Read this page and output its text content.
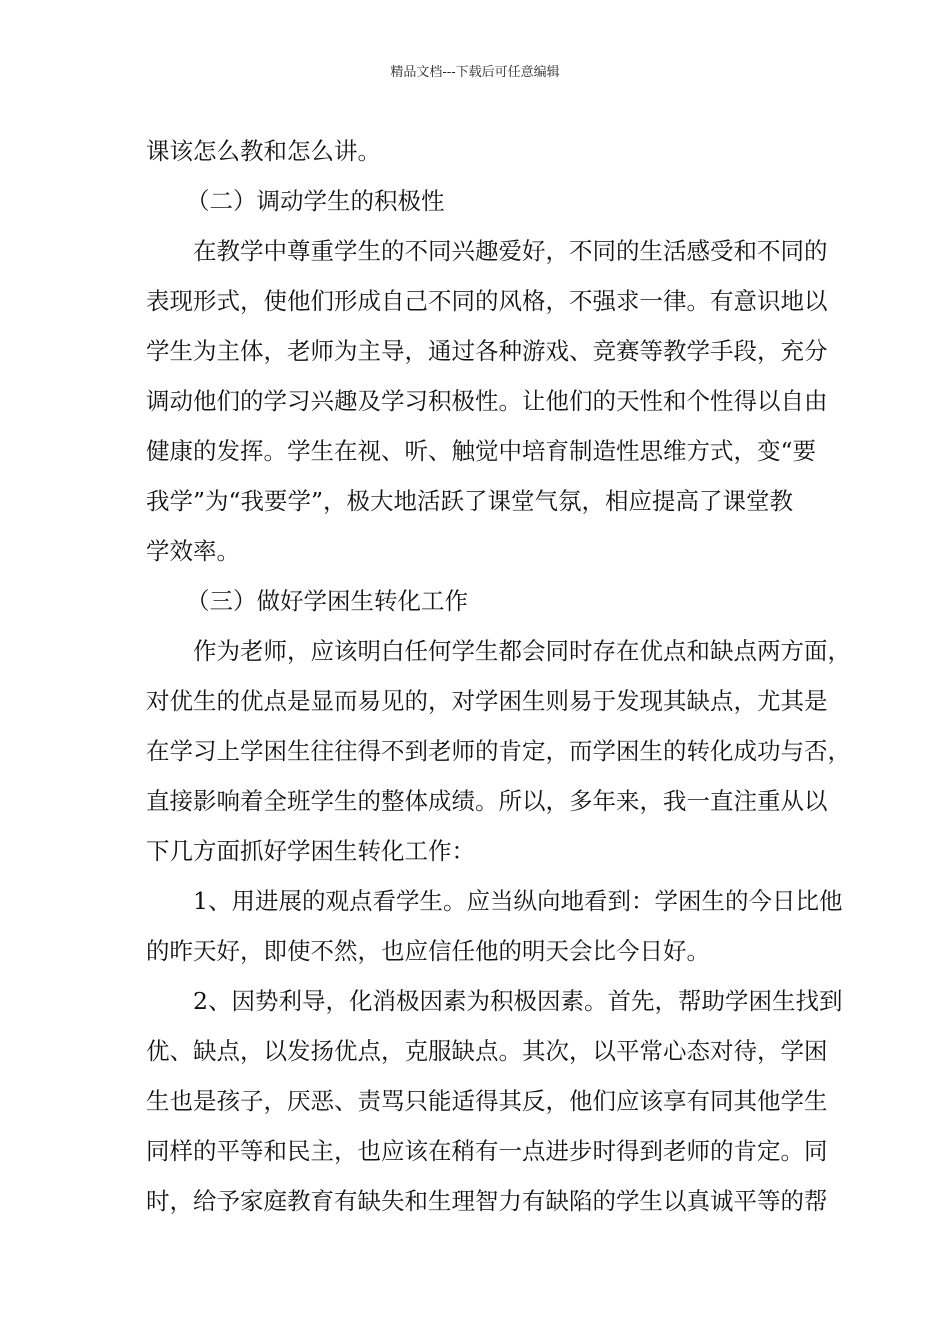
精品文档---下载后可任意编辑
课该怎么教和怎么讲。
（二）调动学生的积极性
在教学中尊重学生的不同兴趣爱好，不同的生活感受和不同的
表现形式，使他们形成自己不同的风格，不强求一律。有意识地以
学生为主体，老师为主导，通过各种游戏、竞赛等教学手段，充分
调动他们的学习兴趣及学习积极性。让他们的天性和个性得以自由
健康的发挥。学生在视、听、触觉中培育制造性思维方式，变“要
我学”为“我要学”，极大地活跃了课堂气氛，相应提高了课堂教
学效率。
（三）做好学困生转化工作
作为老师，应该明白任何学生都会同时存在优点和缺点两方面，
对优生的优点是显而易见的，对学困生则易于发现其缺点，尤其是
在学习上学困生往往得不到老师的肯定，而学困生的转化成功与否，
直接影响着全班学生的整体成绩。所以，多年来，我一直注重从以
下几方面抓好学困生转化工作：
1、用进展的观点看学生。应当纵向地看到：学困生的今日比他
的昨天好，即使不然，也应信任他的明天会比今日好。
2、因势利导，化消极因素为积极因素。首先，帮助学困生找到
优、缺点，以发扬优点，克服缺点。其次，以平常心态对待，学困
生也是孩子，厌恶、责骂只能适得其反，他们应该享有同其他学生
同样的平等和民主，也应该在稍有一点进步时得到老师的肯定。同
时，给予家庭教育有缺失和生理智力有缺陷的学生以真诚平等的帮
